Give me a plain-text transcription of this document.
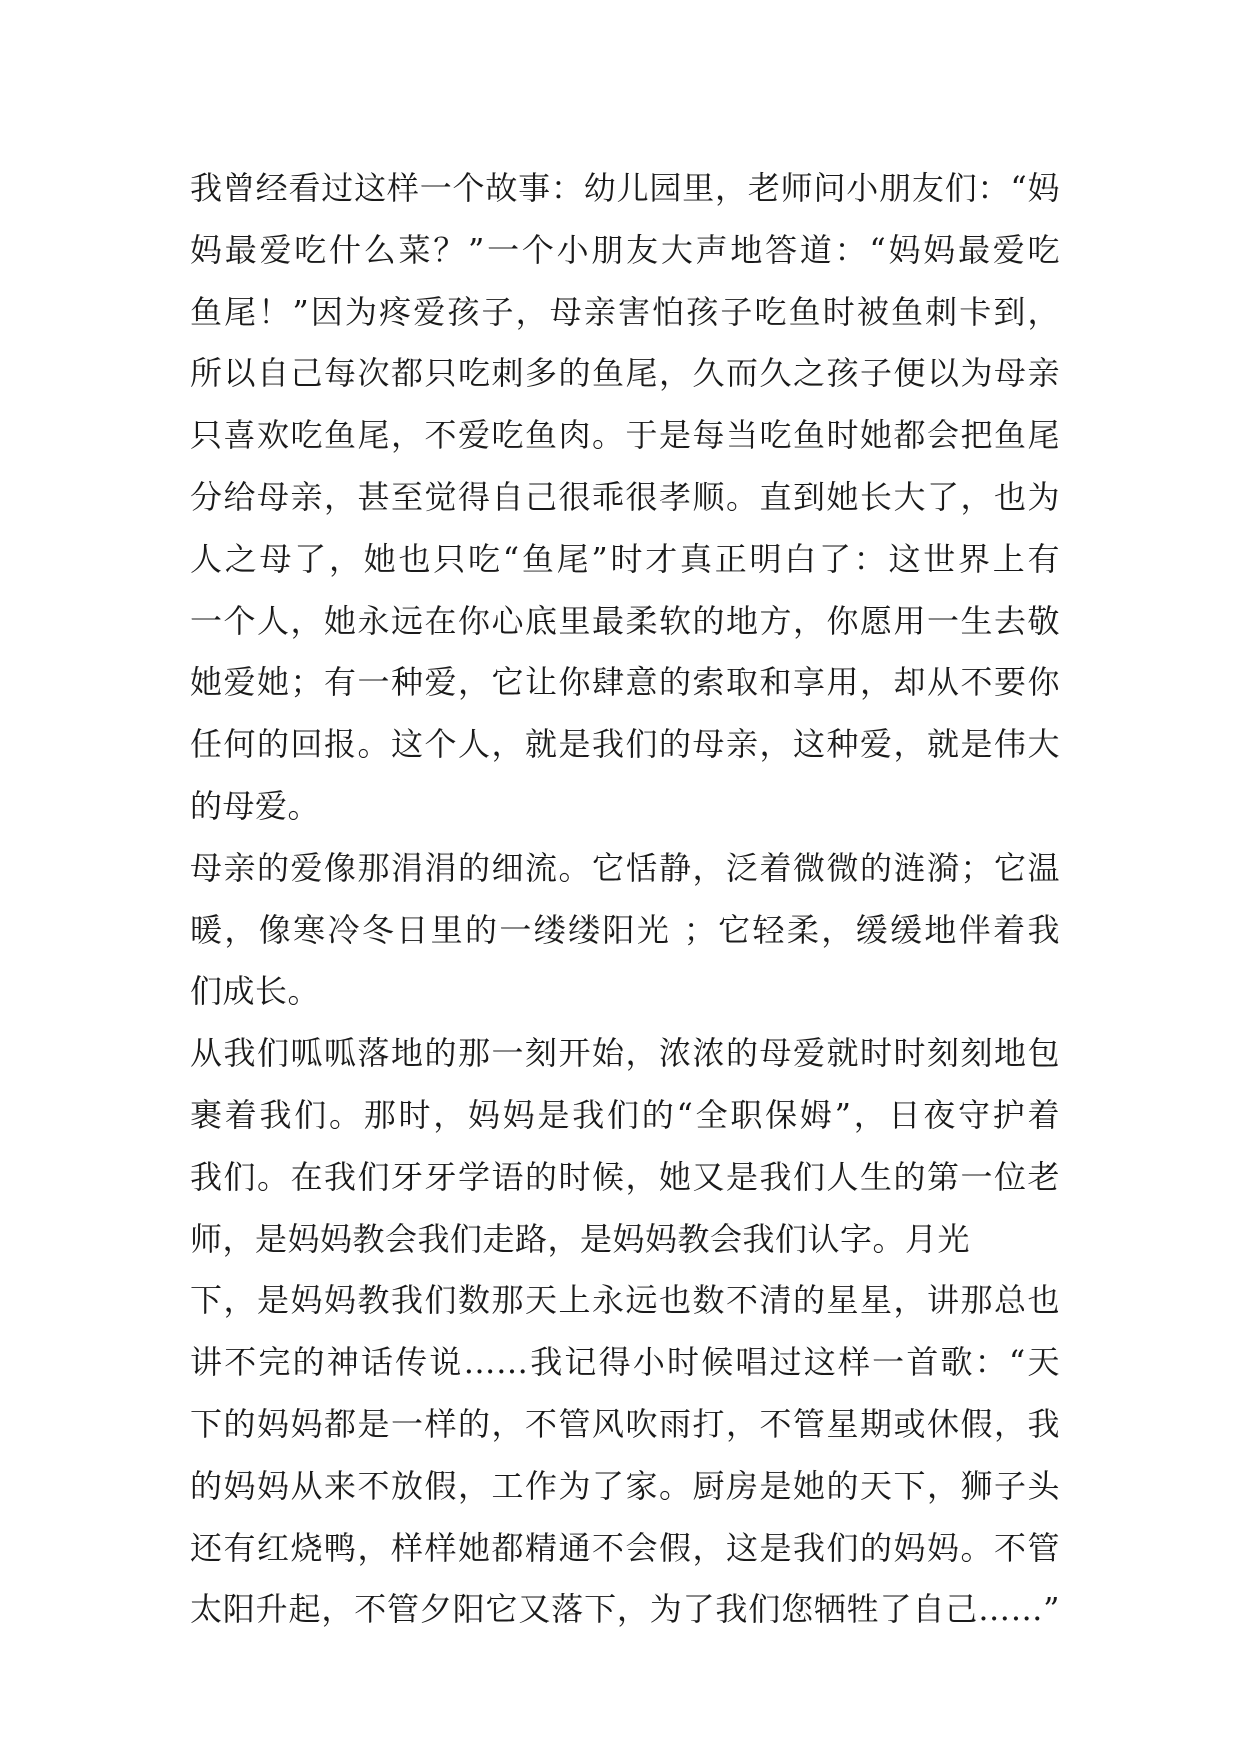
我曾经看过这样一个故事：幼儿园里，老师问小朋友们：“妈
妈最爱吃什么菜？”一个小朋友大声地答道：“妈妈最爱吃
鱼尾！”因为疼爱孩子，母亲害怕孩子吃鱼时被鱼刺卡到，
所以自己每次都只吃刺多的鱼尾，久而久之孩子便以为母亲
只喜欢吃鱼尾，不爱吃鱼肉。于是每当吃鱼时她都会把鱼尾
分给母亲，甚至觉得自己很乖很孝顺。直到她长大了，也为
人之母了，她也只吃“鱼尾”时才真正明白了：这世界上有
一个人，她永远在你心底里最柔软的地方，你愿用一生去敬
她爱她；有一种爱，它让你肆意的索取和享用，却从不要你
任何的回报。这个人，就是我们的母亲，这种爱，就是伟大
的母爱。
母亲的爱像那涓涓的细流。它恬静，泛着微微的涟漪；它温
暖，像寒冷冬日里的一缕缕阳光 ；它轻柔，缓缓地伴着我
们成长。
从我们呱呱落地的那一刻开始，浓浓的母爱就时时刻刻地包
裹着我们。那时，妈妈是我们的“全职保姆”，日夜守护着
我们。在我们牙牙学语的时候，她又是我们人生的第一位老
师，是妈妈教会我们走路，是妈妈教会我们认字。月光
下，是妈妈教我们数那天上永远也数不清的星星，讲那总也
讲不完的神话传说……我记得小时候唱过这样一首歌：“天
下的妈妈都是一样的，不管风吹雨打，不管星期或休假，我
的妈妈从来不放假，工作为了家。厨房是她的天下，狮子头
还有红烧鸭，样样她都精通不会假，这是我们的妈妈。不管
太阳升起，不管夕阳它又落下，为了我们您牺牲了自己……”
